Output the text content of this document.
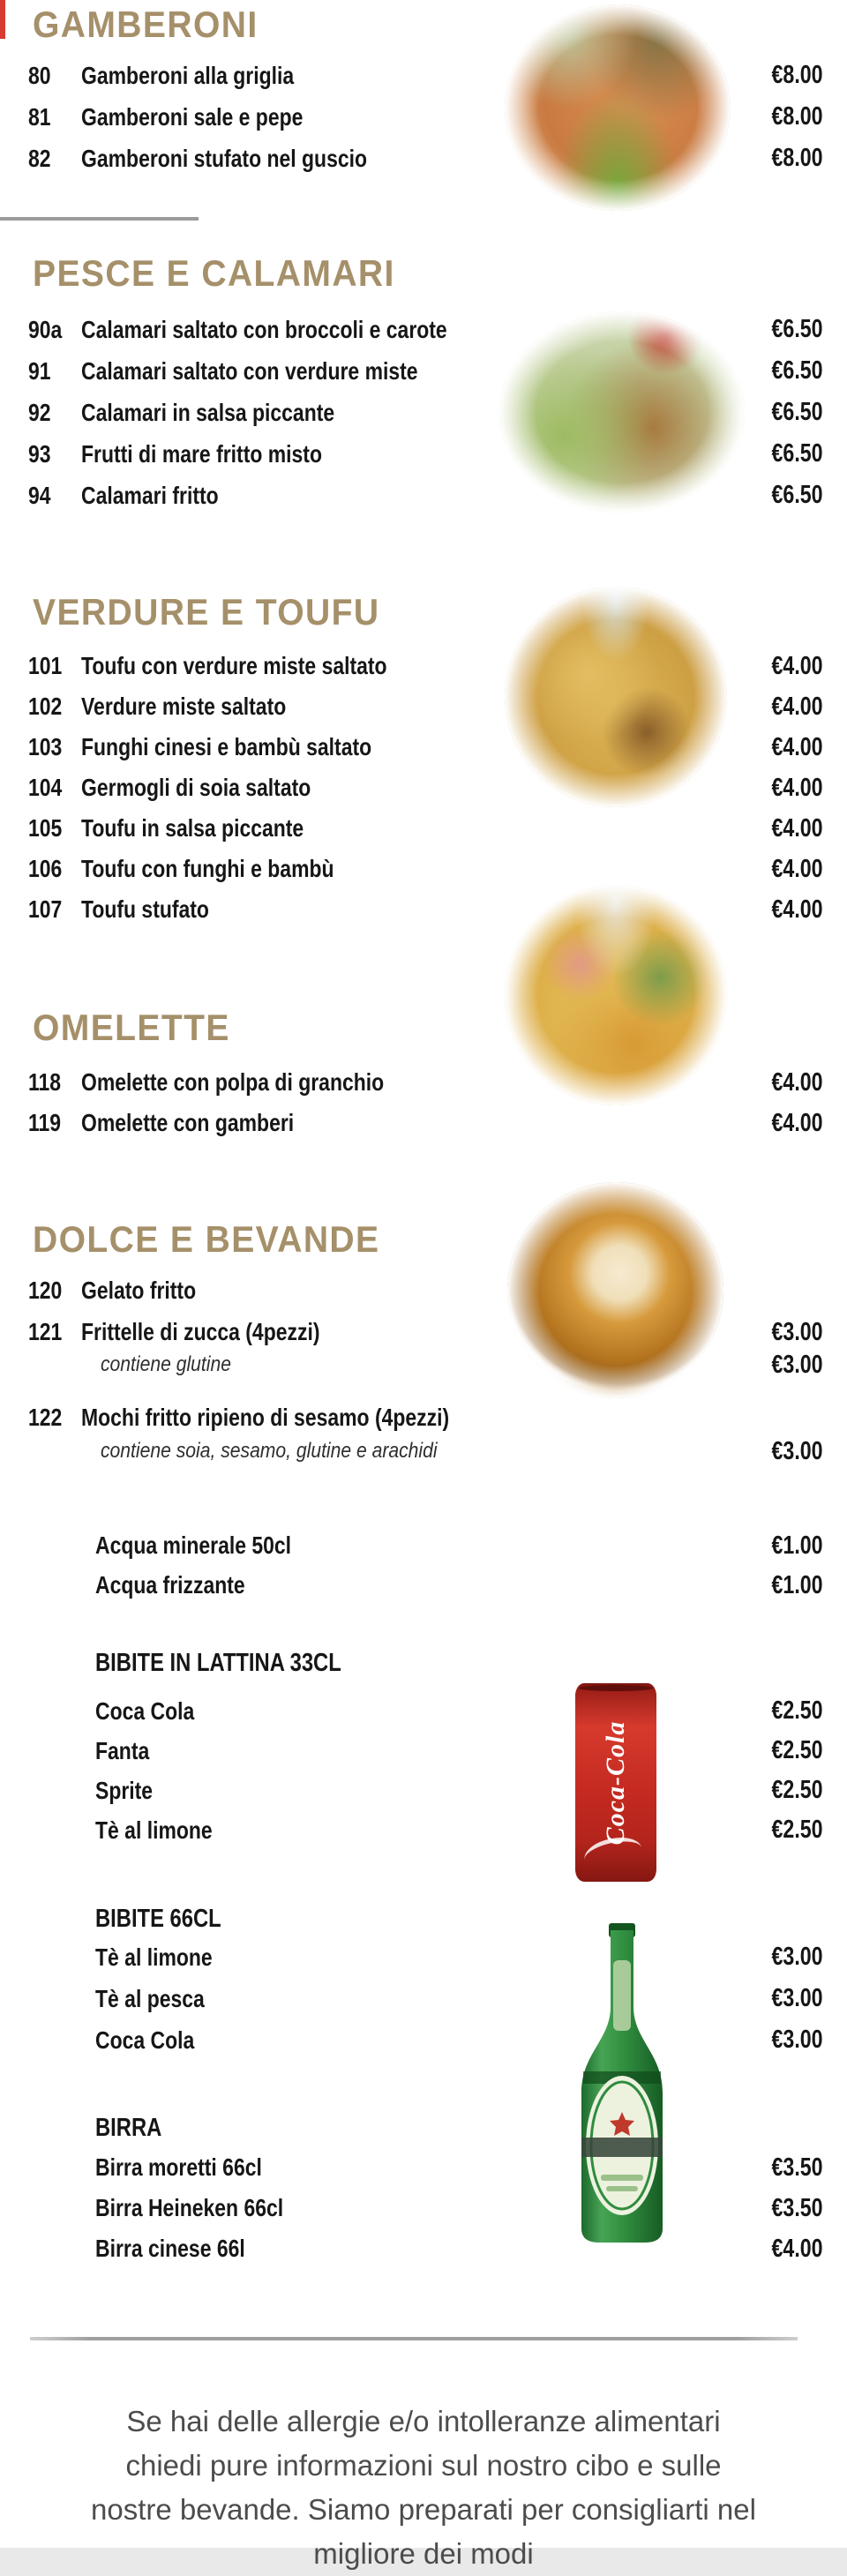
GAMBERONI
80 Gamberoni alla griglia	€8.00
81 Gamberoni sale e pepe	€8.00
82 Gamberoni stufato nel guscio	€8.00
PESCE E CALAMARI
90a Calamari saltato con broccoli e carote	€6.50
91 Calamari saltato con verdure miste	€6.50
92 Calamari in salsa piccante	€6.50
93 Frutti di mare fritto misto	€6.50
94 Calamari fritto	€6.50
VERDURE E TOUFU
101 Toufu con verdure miste saltato	€4.00
102 Verdure miste saltato	€4.00
103 Funghi cinesi e bambù saltato	€4.00
104 Germogli di soia saltato	€4.00
105 Toufu in salsa piccante	€4.00
106 Toufu con funghi e bambù	€4.00
107 Toufu stufato	€4.00
OMELETTE
118 Omelette con polpa di granchio	€4.00
119 Omelette con gamberi	€4.00
DOLCE E BEVANDE
120 Gelato fritto
121 Frittelle di zucca (4pezzi)	€3.00
contiene glutine	€3.00
122 Mochi fritto ripieno di sesamo (4pezzi)
contiene soia, sesamo, glutine e arachidi	€3.00
Acqua minerale 50cl	€1.00
Acqua frizzante	€1.00
BIBITE IN LATTINA 33CL
Coca-Cola
Coca Cola	€2.50
Fanta	€2.50
Sprite	€2.50
Tè al limone	€2.50
BIBITE 66CL
Tè al limone	€3.00
Tè al pesca	€3.00
Coca Cola	€3.00
BIRRA
Birra moretti 66cl	€3.50
Birra Heineken 66cl	€3.50
Birra cinese 66l	€4.00
Se hai delle allergie e/o intolleranze alimentari
chiedi pure informazioni sul nostro cibo e sulle
nostre bevande. Siamo preparati per consigliarti nel
migliore dei modi
